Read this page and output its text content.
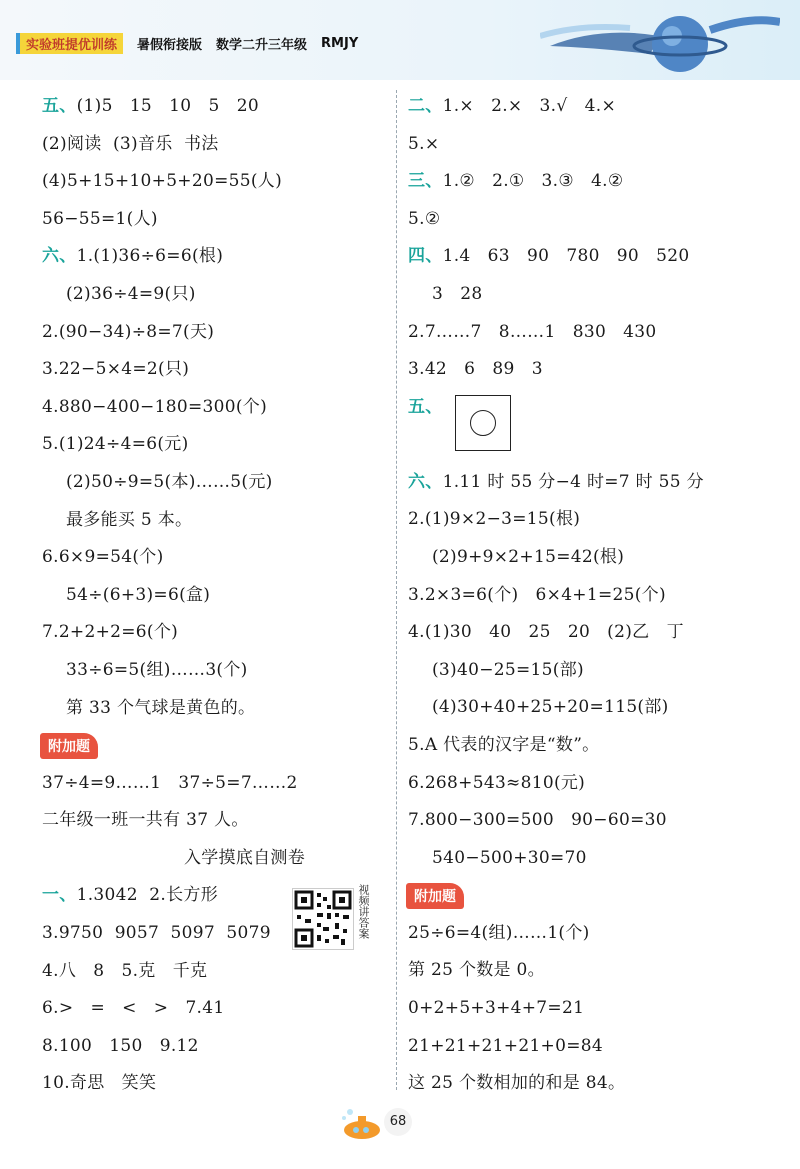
实验班提优训练	暑假衔接版 数学二升三年级 RMJY
五、(1)5   15   10   5   20
(2)阅读  (3)音乐  书法
(4)5+15+10+5+20=55(人)
56−55=1(人)
六、1.(1)36÷6=6(根)
(2)36÷4=9(只)
2.(90−34)÷8=7(天)
3.22−5×4=2(只)
4.880−400−180=300(个)
5.(1)24÷4=6(元)
(2)50÷9=5(本)……5(元)
最多能买 5 本。
6.6×9=54(个)
54÷(6+3)=6(盒)
7.2+2+2=6(个)
33÷6=5(组)……3(个)
第 33 个气球是黄色的。
附加题
37÷4=9……1   37÷5=7……2
二年级一班一共有 37 人。
入学摸底自测卷
一、1.3042  2.长方形
3.9750  9057  5097  5079
4.八   8   5.克   千克
6.>   =   <   >   7.41
8.100   150   9.12
10.奇思   笑笑
二、1.×   2.×   3.√   4.×
5.×
三、1.②   2.①   3.③   4.②
5.②
四、1.4   63   90   780   90   520
3   28
2.7……7   8……1   830   430
3.42   6   89   3
五、
六、1.11 时 55 分−4 时=7 时 55 分
2.(1)9×2−3=15(根)
(2)9+9×2+15=42(根)
3.2×3=6(个)   6×4+1=25(个)
4.(1)30   40   25   20   (2)乙   丁
(3)40−25=15(部)
(4)30+40+25+20=115(部)
5.A 代表的汉字是“数”。
6.268+543≈810(元)
7.800−300=500   90−60=30
540−500+30=70
附加题
25÷6=4(组)……1(个)
第 25 个数是 0。
0+2+5+3+4+7=21
21+21+21+21+0=84
这 25 个数相加的和是 84。
视频讲答案
68
